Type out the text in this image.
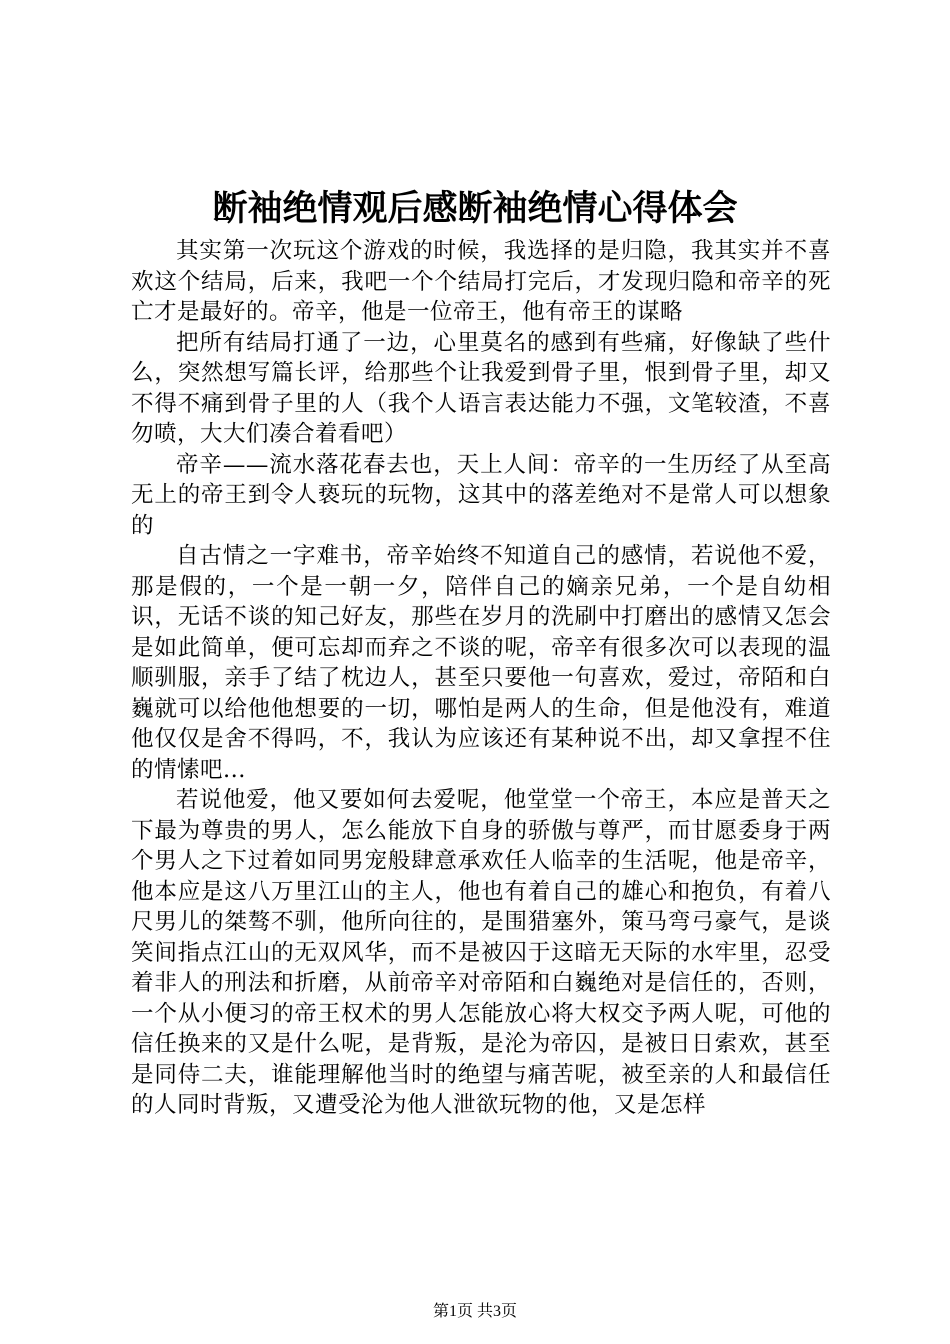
断袖绝情观后感断袖绝情心得体会

其实第一次玩这个游戏的时候，我选择的是归隐，我其实并不喜欢这个结局，后来，我吧一个个结局打完后，才发现归隐和帝辛的死亡才是最好的。帝辛，他是一位帝王，他有帝王的谋略

把所有结局打通了一边，心里莫名的感到有些痛，好像缺了些什么，突然想写篇长评，给那些个让我爱到骨子里，恨到骨子里，却又不得不痛到骨子里的人（我个人语言表达能力不强，文笔较渣，不喜勿喷，大大们凑合着看吧）

帝辛——流水落花春去也，天上人间：帝辛的一生历经了从至高无上的帝王到令人亵玩的玩物，这其中的落差绝对不是常人可以想象的

自古情之一字难书，帝辛始终不知道自己的感情，若说他不爱，那是假的，一个是一朝一夕，陪伴自己的嫡亲兄弟，一个是自幼相识，无话不谈的知己好友，那些在岁月的洗刷中打磨出的感情又怎会是如此简单，便可忘却而弃之不谈的呢，帝辛有很多次可以表现的温顺驯服，亲手了结了枕边人，甚至只要他一句喜欢，爱过，帝陌和白巍就可以给他他想要的一切，哪怕是两人的生命，但是他没有，难道他仅仅是舍不得吗，不，我认为应该还有某种说不出，却又拿捏不住的情愫吧...

若说他爱，他又要如何去爱呢，他堂堂一个帝王，本应是普天之下最为尊贵的男人，怎么能放下自身的骄傲与尊严，而甘愿委身于两个男人之下过着如同男宠般肆意承欢任人临幸的生活呢，他是帝辛，他本应是这八万里江山的主人，他也有着自己的雄心和抱负，有着八尺男儿的桀骜不驯，他所向往的，是围猎塞外，策马弯弓豪气，是谈笑间指点江山的无双风华，而不是被囚于这暗无天际的水牢里，忍受着非人的刑法和折磨，从前帝辛对帝陌和白巍绝对是信任的，否则，一个从小便习的帝王权术的男人怎能放心将大权交予两人呢，可他的信任换来的又是什么呢，是背叛，是沦为帝囚，是被日日索欢，甚至是同侍二夫，谁能理解他当时的绝望与痛苦呢，被至亲的人和最信任的人同时背叛，又遭受沦为他人泄欲玩物的他，又是怎样

第1页 共3页
